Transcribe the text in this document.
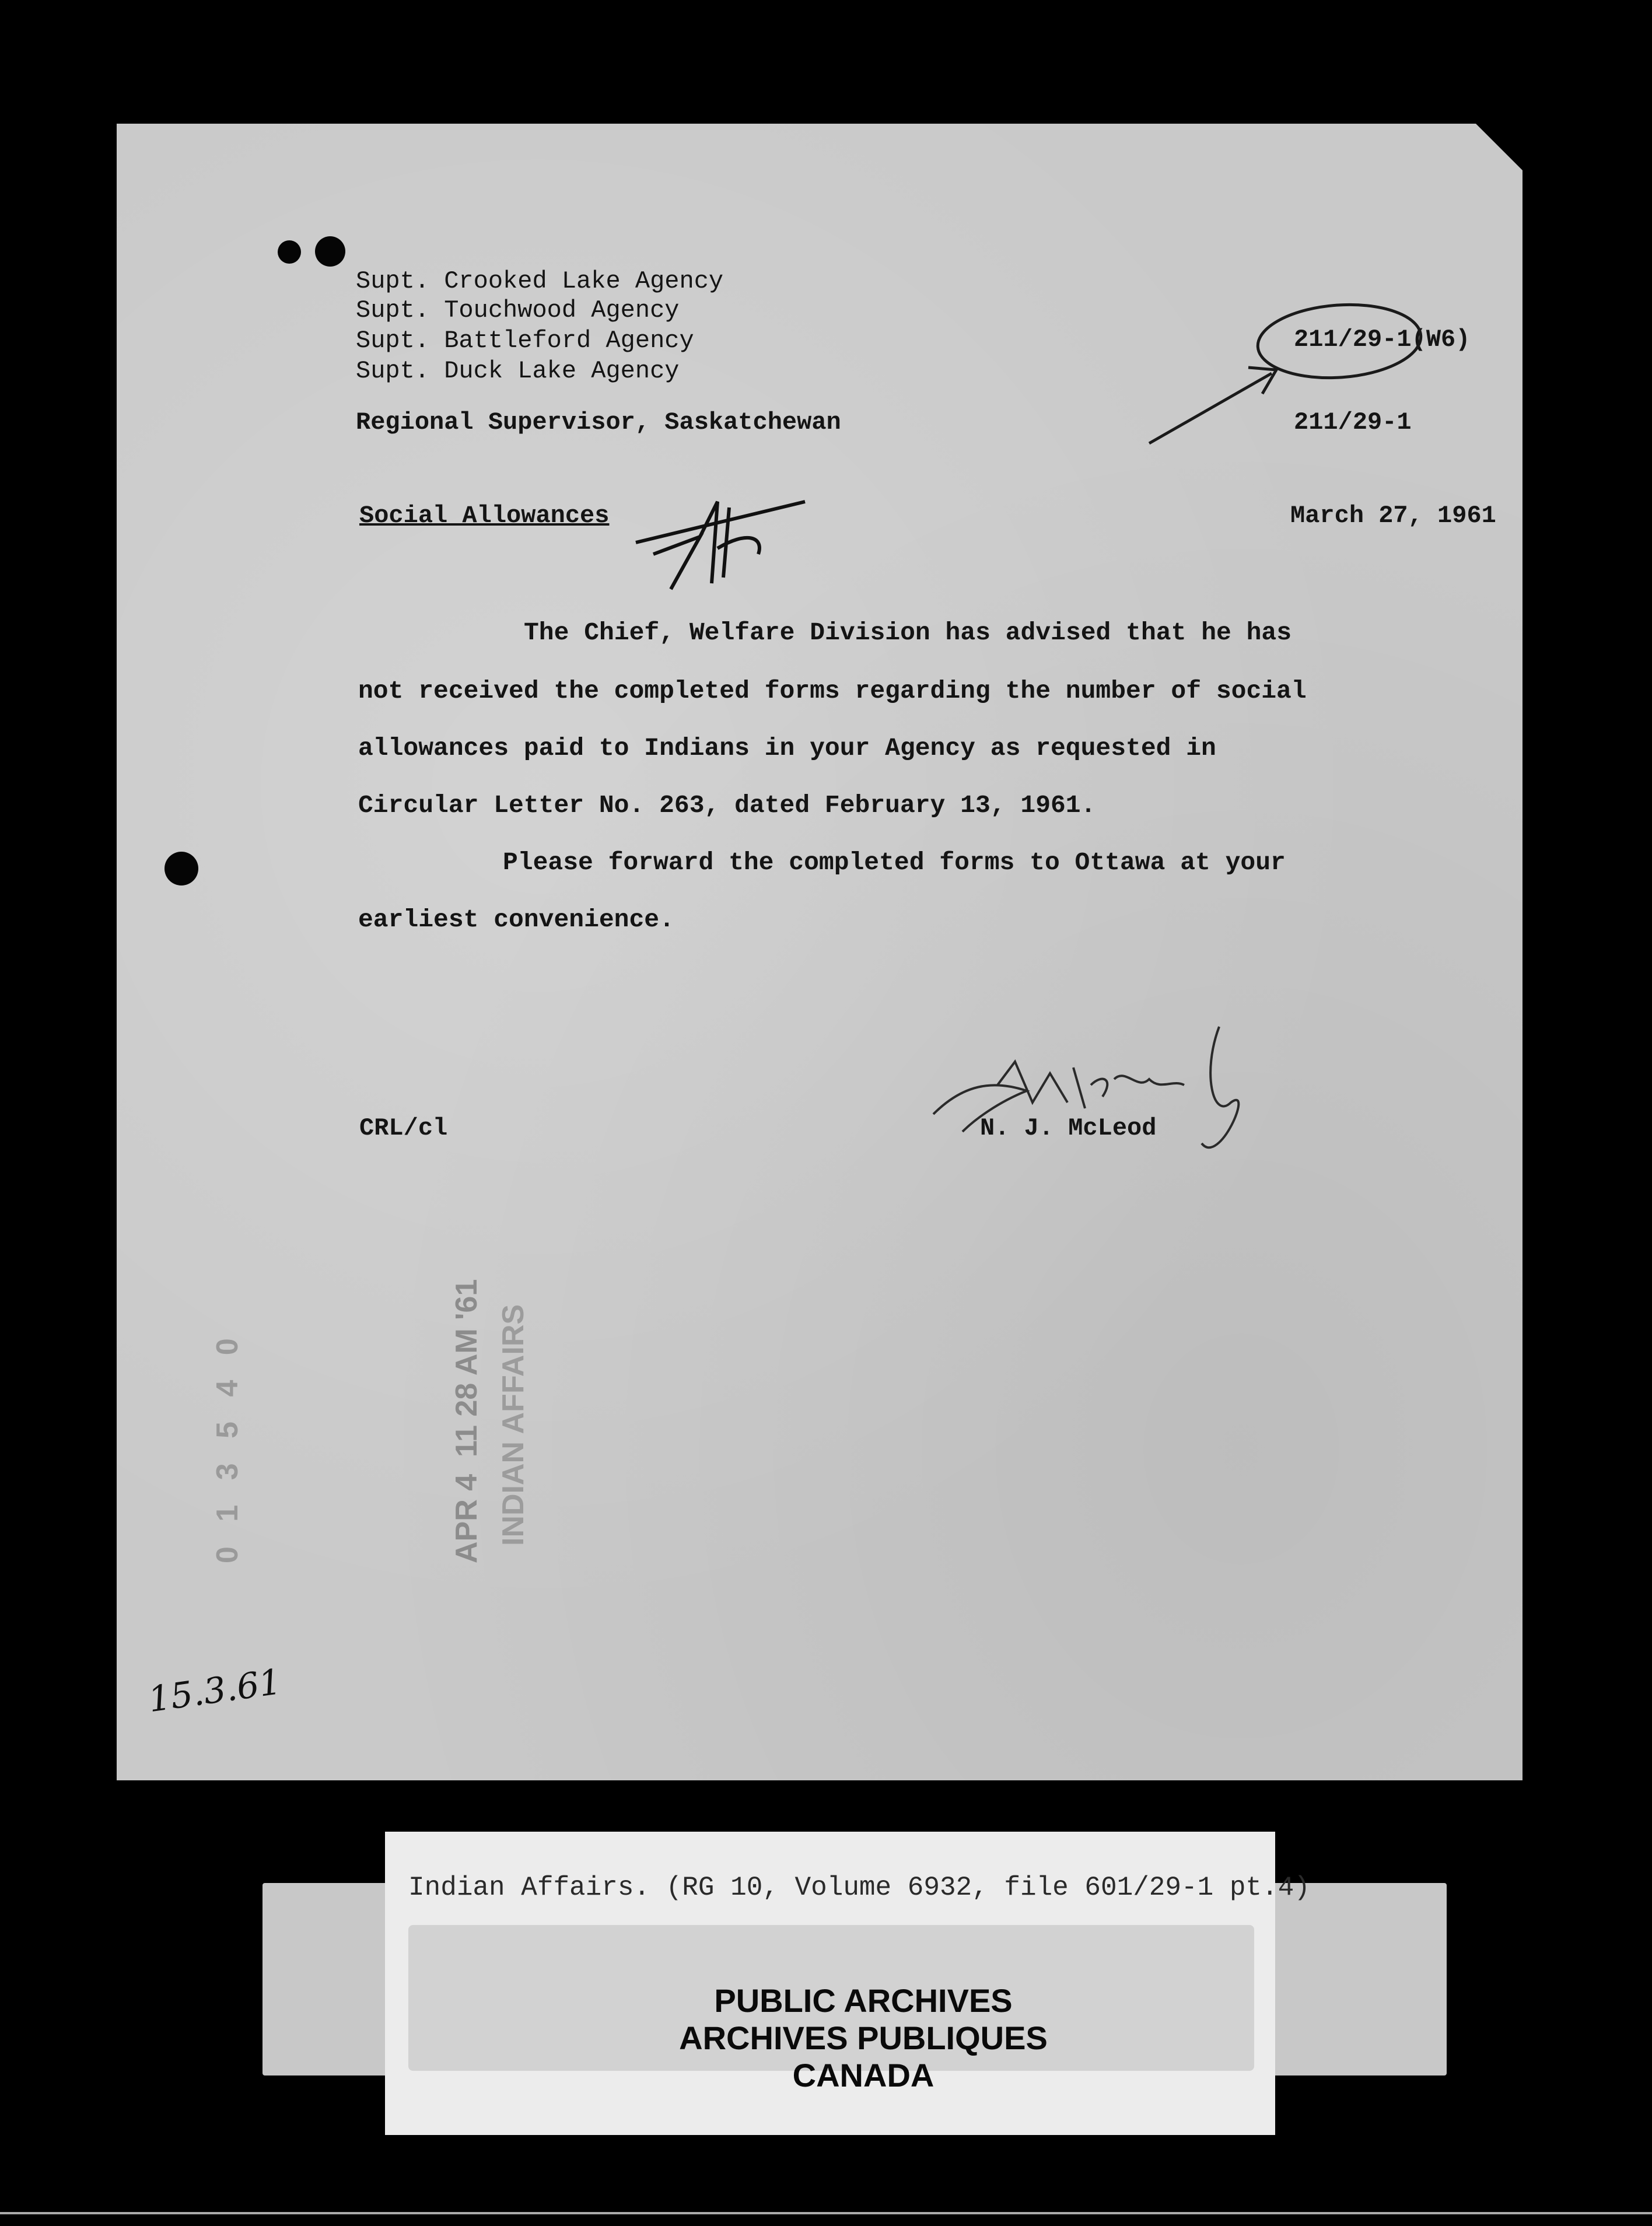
Supt. Crooked Lake Agency
Supt. Touchwood Agency
Supt. Battleford Agency
Supt. Duck Lake Agency
211/29-1(W6)
Regional Supervisor, Saskatchewan	211/29-1
Social Allowances	March 27, 1961
The Chief, Welfare Division has advised that he has
not received the completed forms regarding the number of social
allowances paid to Indians in your Agency as requested in
Circular Letter No. 263, dated February 13, 1961.
Please forward the completed forms to Ottawa at your
earliest convenience.
CRL/cl	N. J. McLeod
0 1 3 5 4 0	APR 4  11 28 AM '61 INDIAN AFFAIRS
15.3.61
Indian Affairs. (RG 10, Volume 6932, file 601/29-1 pt.4)
PUBLIC ARCHIVES
ARCHIVES PUBLIQUES
CANADA
